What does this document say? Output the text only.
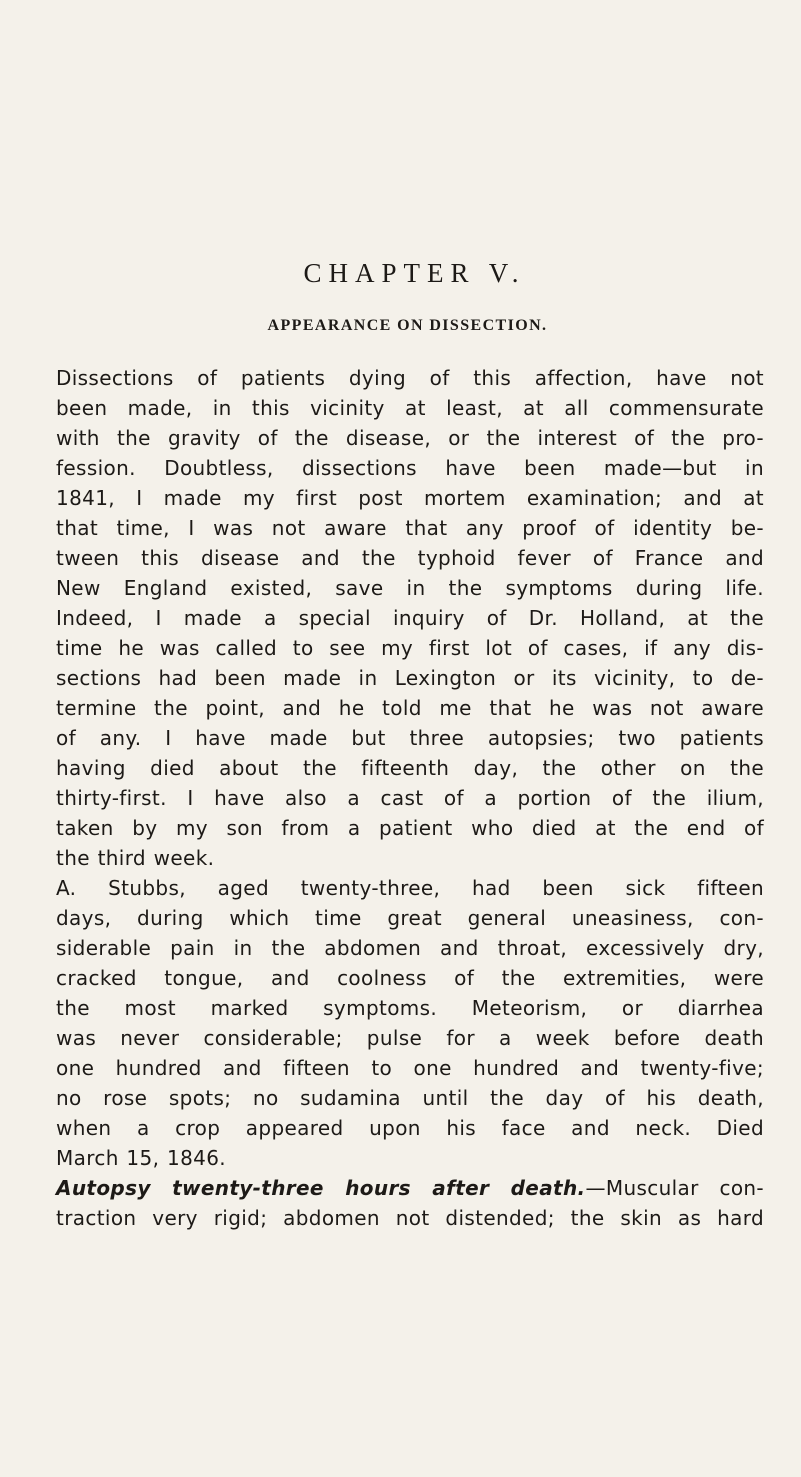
CHAPTER V.
APPEARANCE ON DISSECTION.
Dissections of patients dying of this affection, have not
been made, in this vicinity at least, at all commensurate
with the gravity of the disease, or the interest of the pro-
fession. Doubtless, dissections have been made—but in
1841, I made my first post mortem examination; and at
that time, I was not aware that any proof of identity be-
tween this disease and the typhoid fever of France and
New England existed, save in the symptoms during life.
Indeed, I made a special inquiry of Dr. Holland, at the
time he was called to see my first lot of cases, if any dis-
sections had been made in Lexington or its vicinity, to de-
termine the point, and he told me that he was not aware
of any. I have made but three autopsies; two patients
having died about the fifteenth day, the other on the
thirty-first. I have also a cast of a portion of the ilium,
taken by my son from a patient who died at the end of
the third week.
A. Stubbs, aged twenty-three, had been sick fifteen
days, during which time great general uneasiness, con-
siderable pain in the abdomen and throat, excessively dry,
cracked tongue, and coolness of the extremities, were
the most marked symptoms. Meteorism, or diarrhea
was never considerable; pulse for a week before death
one hundred and fifteen to one hundred and twenty-five;
no rose spots; no sudamina until the day of his death,
when a crop appeared upon his face and neck. Died
March 15, 1846.
Autopsy twenty-three hours after death.—Muscular con-
traction very rigid; abdomen not distended; the skin as hard
